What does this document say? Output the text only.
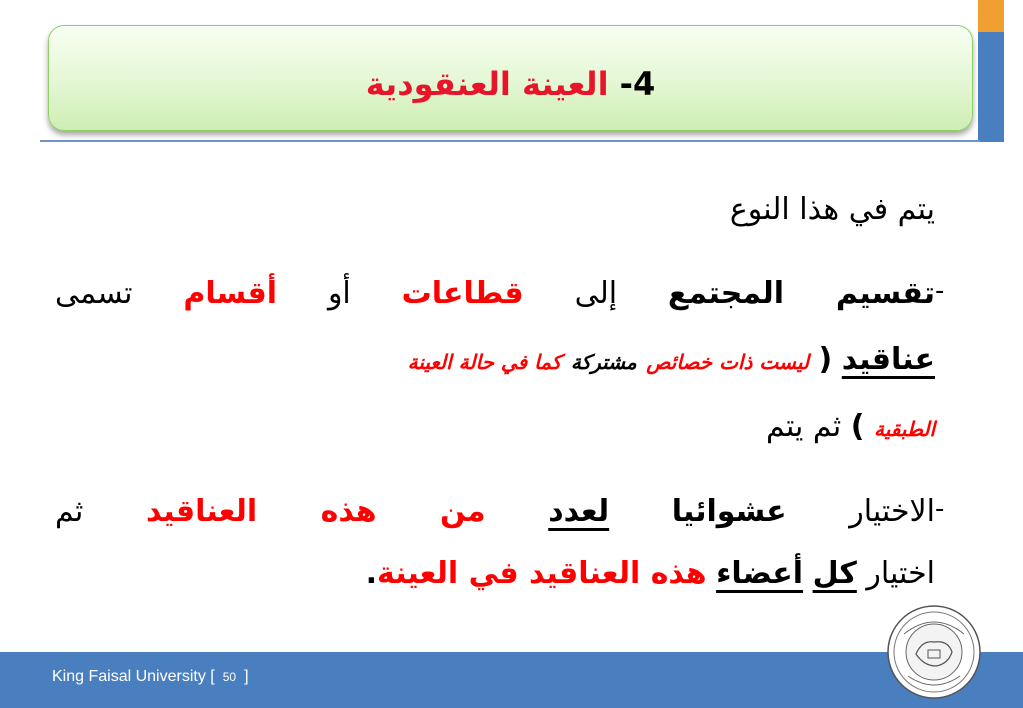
4- العينة العنقودية
يتم في هذا النوع
-
تقسيم المجتمع إلى قطاعات أو أقسام تسمى
عناقيد ( ليست ذات خصائص مشتركة كما في حالة العينة
الطبقية ) ثم يتم
-
الاختيار عشوائيا لعدد من هذه العناقيد ثم
اختيار كل أعضاء هذه العناقيد في العينة.
King Faisal University [ 50 ]
